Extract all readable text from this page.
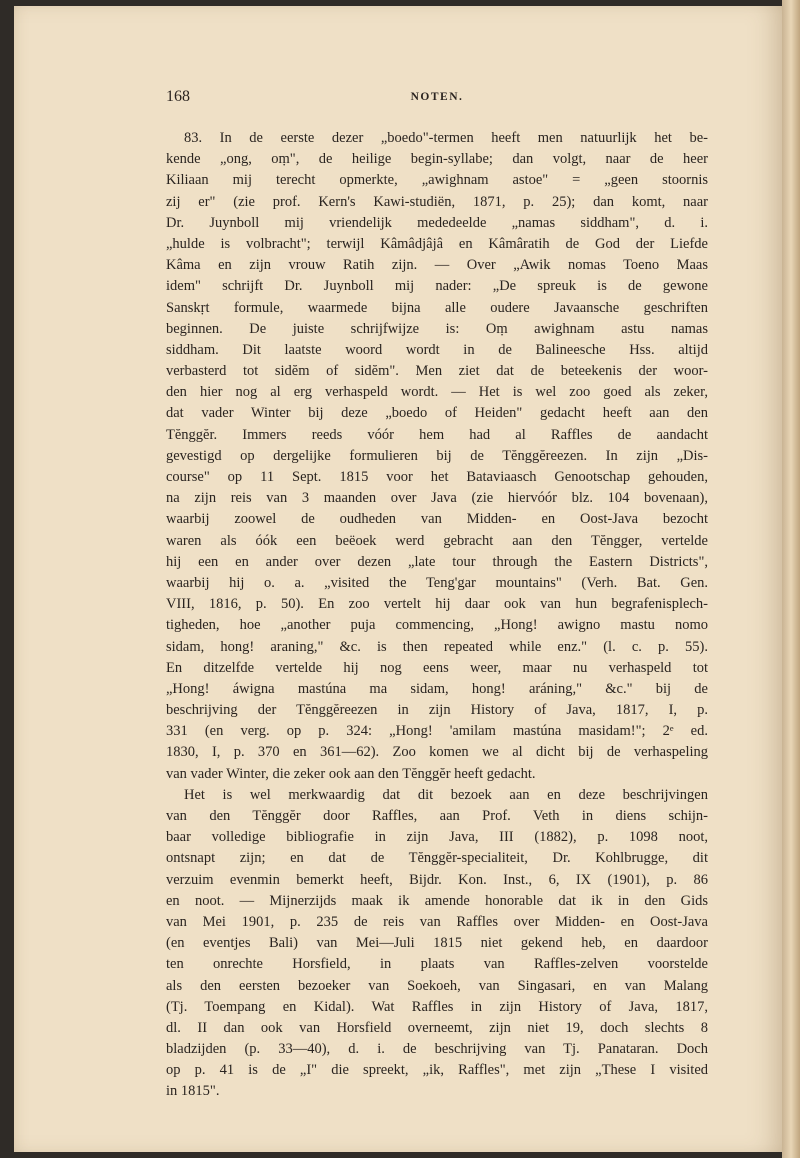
168	NOTEN.
83. In de eerste dezer „boedo"-termen heeft men natuurlijk het be-
kende „ong, oṃ", de heilige begin-syllabe; dan volgt, naar de heer
Kiliaan mij terecht opmerkte, „awighnam astoe" = „geen stoornis
zij er" (zie prof. Kern's Kawi-studiën, 1871, p. 25); dan komt, naar
Dr. Juynboll mij vriendelijk mededeelde „namas siddham", d. i.
„hulde is volbracht"; terwijl Kâmâdjâjâ en Kâmâratih de God der Liefde
Kâma en zijn vrouw Ratih zijn. — Over „Awik nomas Toeno Maas
idem" schrijft Dr. Juynboll mij nader: „De spreuk is de gewone
Sanskṛt formule, waarmede bijna alle oudere Javaansche geschriften
beginnen. De juiste schrijfwijze is: Oṃ awighnam astu namas
siddham. Dit laatste woord wordt in de Balineesche Hss. altijd
verbasterd tot sidĕm of sidĕm". Men ziet dat de beteekenis der woor-
den hier nog al erg verhaspeld wordt. — Het is wel zoo goed als zeker,
dat vader Winter bij deze „boedo of Heiden" gedacht heeft aan den
Tĕnggĕr. Immers reeds vóór hem had al Raffles de aandacht
gevestigd op dergelijke formulieren bij de Tĕnggĕreezen. In zijn „Dis-
course" op 11 Sept. 1815 voor het Bataviaasch Genootschap gehouden,
na zijn reis van 3 maanden over Java (zie hiervóór blz. 104 bovenaan),
waarbij zoowel de oudheden van Midden- en Oost-Java bezocht
waren als óók een beëoek werd gebracht aan den Tĕngger, vertelde
hij een en ander over dezen „late tour through the Eastern Districts",
waarbij hij o. a. „visited the Teng'gar mountains" (Verh. Bat. Gen.
VIII, 1816, p. 50). En zoo vertelt hij daar ook van hun begrafenisplech-
tigheden, hoe „another puja commencing, „Hong! awigno mastu nomo
sidam, hong! araning," &c. is then repeated while enz." (l. c. p. 55).
En ditzelfde vertelde hij nog eens weer, maar nu verhaspeld tot
„Hong! áwigna mastúna ma sidam, hong! aráning," &c." bij de
beschrijving der Tĕnggĕreezen in zijn History of Java, 1817, I, p.
331 (en verg. op p. 324: „Hong! 'amilam mastúna masidam!"; 2ᵉ ed.
1830, I, p. 370 en 361—62). Zoo komen we al dicht bij de verhaspeling
van vader Winter, die zeker ook aan den Tĕnggĕr heeft gedacht.
Het is wel merkwaardig dat dit bezoek aan en deze beschrijvingen
van den Tĕnggĕr door Raffles, aan Prof. Veth in diens schijn-
baar volledige bibliografie in zijn Java, III (1882), p. 1098 noot,
ontsnapt zijn; en dat de Tĕnggĕr-specialiteit, Dr. Kohlbrugge, dit
verzuim evenmin bemerkt heeft, Bijdr. Kon. Inst., 6, IX (1901), p. 86
en noot. — Mijnerzijds maak ik amende honorable dat ik in den Gids
van Mei 1901, p. 235 de reis van Raffles over Midden- en Oost-Java
(en eventjes Bali) van Mei—Juli 1815 niet gekend heb, en daardoor
ten onrechte Horsfield, in plaats van Raffles-zelven voorstelde
als den eersten bezoeker van Soekoeh, van Singasari, en van Malang
(Tj. Toempang en Kidal). Wat Raffles in zijn History of Java, 1817,
dl. II dan ook van Horsfield overneemt, zijn niet 19, doch slechts 8
bladzijden (p. 33—40), d. i. de beschrijving van Tj. Panataran. Doch
op p. 41 is de „I" die spreekt, „ik, Raffles", met zijn „These I visited
in 1815".
